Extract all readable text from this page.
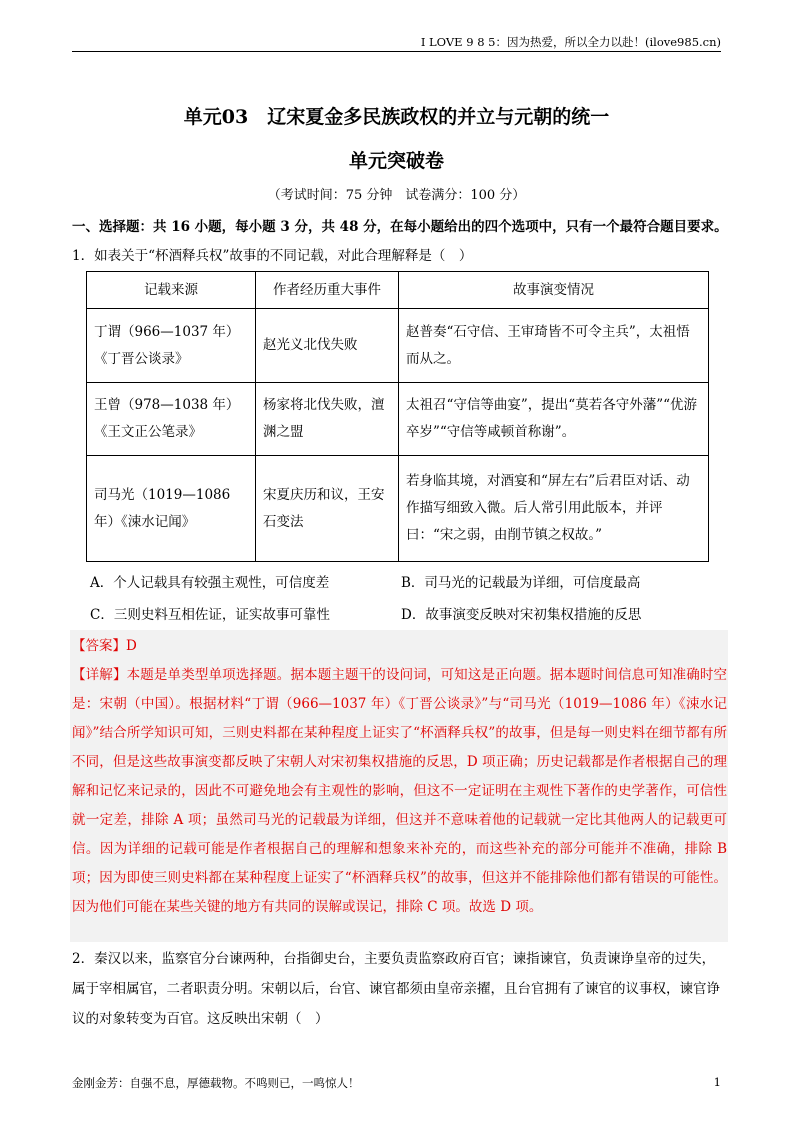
I LOVE 9 8 5：因为热爱，所以全力以赴！(ilove985.cn)
单元03　辽宋夏金多民族政权的并立与元朝的统一
单元突破卷
（考试时间：75 分钟　试卷满分：100 分）
一、选择题：共 16 小题，每小题 3 分，共 48 分，在每小题给出的四个选项中，只有一个最符合题目要求。
1．如表关于“杯酒释兵权”故事的不同记载，对此合理解释是（　）
记载来源	作者经历重大事件	故事演变情况
丁谓（966—1037 年）《丁晋公谈录》	赵光义北伐失败	赵普奏“石守信、王审琦皆不可令主兵”，太祖悟而从之。
王曾（978—1038 年）《王文正公笔录》	杨家将北伐失败，澶渊之盟	太祖召“守信等曲宴”，提出“莫若各守外藩”“优游卒岁”“守信等咸顿首称谢”。
司马光（1019—1086 年）《涑水记闻》	宋夏庆历和议，王安石变法	若身临其境，对酒宴和“屏左右”后君臣对话、动作描写细致入微。后人常引用此版本，并评曰：“宋之弱，由削节镇之权故。”
A．个人记载具有较强主观性，可信度差	B．司马光的记载最为详细，可信度最高
C．三则史料互相佐证，证实故事可靠性	D．故事演变反映对宋初集权措施的反思
【答案】D
【详解】本题是单类型单项选择题。据本题主题干的设问词，可知这是正向题。据本题时间信息可知准确时空是：宋朝（中国）。根据材料“丁谓（966—1037 年）《丁晋公谈录》”与“司马光（1019—1086 年）《涑水记闻》”结合所学知识可知，三则史料都在某种程度上证实了“杯酒释兵权”的故事，但是每一则史料在细节都有所不同，但是这些故事演变都反映了宋朝人对宋初集权措施的反思，D 项正确；历史记载都是作者根据自己的理解和记忆来记录的，因此不可避免地会有主观性的影响，但这不一定证明在主观性下著作的史学著作，可信性就一定差，排除 A 项；虽然司马光的记载最为详细，但这并不意味着他的记载就一定比其他两人的记载更可信。因为详细的记载可能是作者根据自己的理解和想象来补充的，而这些补充的部分可能并不准确，排除 B 项；因为即使三则史料都在某种程度上证实了“杯酒释兵权”的故事，但这并不能排除他们都有错误的可能性。因为他们可能在某些关键的地方有共同的误解或误记，排除 C 项。故选 D 项。
2．秦汉以来，监察官分台谏两种，台指御史台，主要负责监察政府百官；谏指谏官，负责谏诤皇帝的过失，属于宰相属官，二者职责分明。宋朝以后，台官、谏官都须由皇帝亲擢，且台官拥有了谏官的议事权，谏官诤议的对象转变为百官。这反映出宋朝（　）
金刚金芳：自强不息，厚德载物。不鸣则已，一鸣惊人！	1
